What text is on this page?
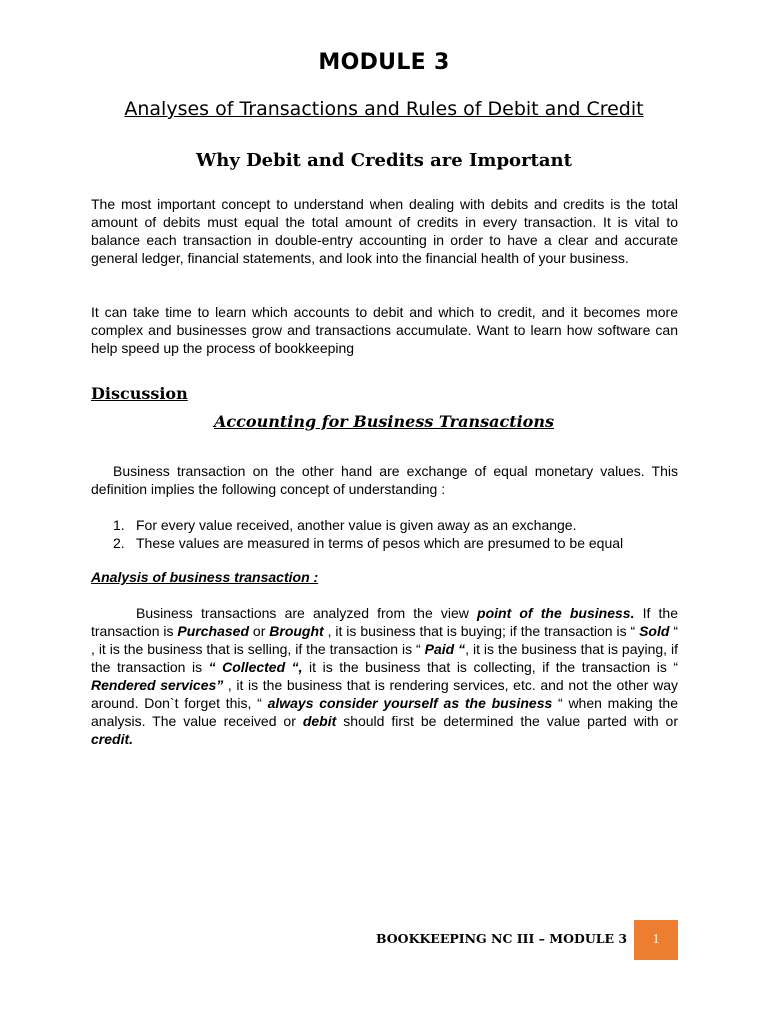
MODULE 3
Analyses of Transactions and Rules of Debit and Credit
Why Debit and Credits are Important
The most important concept to understand when dealing with debits and credits is the total amount of debits must equal the total amount of credits in every transaction. It is vital to balance each transaction in double-entry accounting in order to have a clear and accurate general ledger, financial statements, and look into the financial health of your business.
It can take time to learn which accounts to debit and which to credit, and it becomes more complex and businesses grow and transactions accumulate. Want to learn how software can help speed up the process of bookkeeping
Discussion
Accounting for Business Transactions
Business transaction on the other hand are exchange of equal monetary values. This definition implies the following concept of understanding :
1. For every value received, another value is given away as an exchange.
2. These values are measured in terms of pesos which are presumed to be equal
Analysis of business transaction :
Business transactions are analyzed from the view point of the business. If the transaction is Purchased or Brought , it is business that is buying; if the transaction is “ Sold “ , it is the business that is selling, if the transaction is “ Paid “, it is the business that is paying, if the transaction is “ Collected “, it is the business that is collecting, if the transaction is “ Rendered services” , it is the business that is rendering services, etc. and not the other way around. Don`t forget this, “ always consider yourself as the business “ when making the analysis. The value received or debit should first be determined the value parted with or credit.
BOOKKEEPING NC III – MODULE 3	1
